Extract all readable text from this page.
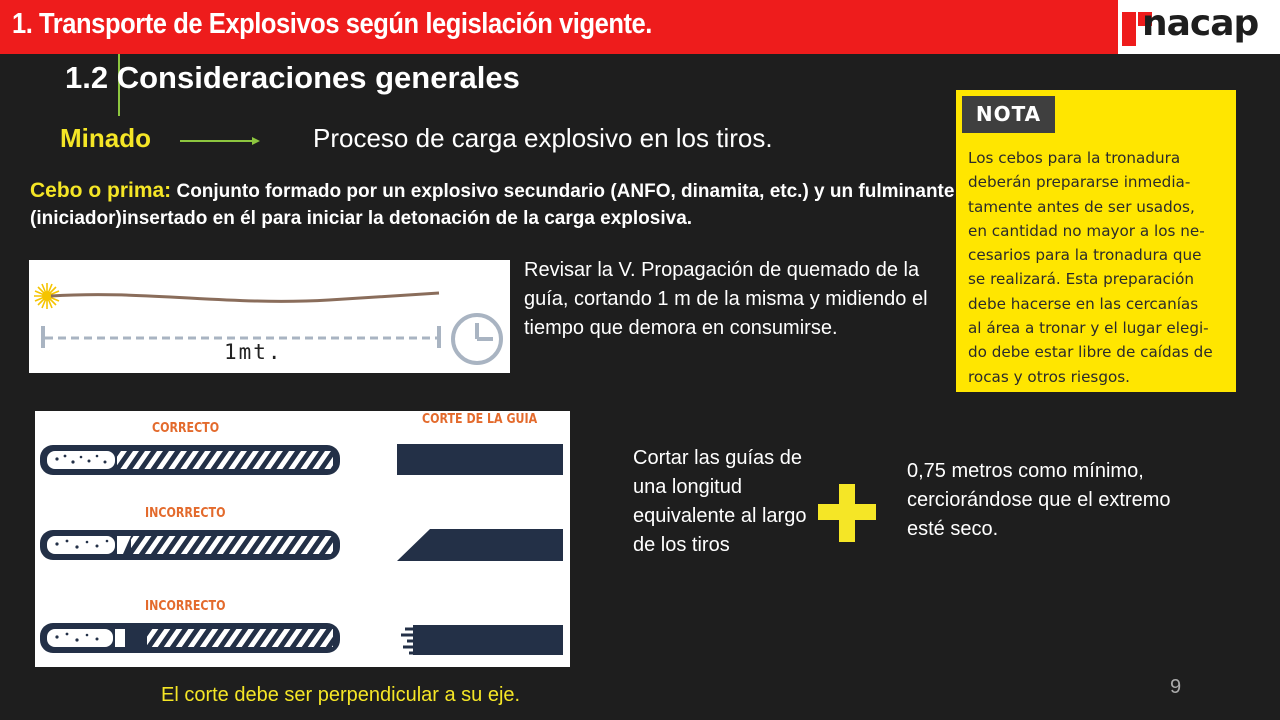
1. Transporte de Explosivos según legislación vigente.	nacap
1.2 Consideraciones generales
Minado	Proceso de carga explosivo en los tiros.
Cebo o prima: Conjunto formado por un explosivo secundario (ANFO, dinamita, etc.) y un fulminante (iniciador)insertado en él para iniciar la detonación de la carga explosiva.
1mt.
Revisar la V. Propagación de quemado de la guía, cortando 1 m de la misma y midiendo el tiempo que demora en consumirse.
NOTA
Los cebos para la tronadura
deberán prepararse inmedia-
tamente antes de ser usados,
en cantidad no mayor a los ne-
cesarios para la tronadura que
se realizará. Esta preparación
debe hacerse en las cercanías
al área a tronar y el lugar elegi-
do debe estar libre de caídas de
rocas y otros riesgos.
CORRECTO
CORTE DE LA GUIA
INCORRECTO
INCORRECTO
El corte debe ser perpendicular a su eje.
Cortar las guías de una longitud equivalente al largo de los tiros
0,75 metros como mínimo, cerciorándose que el extremo esté seco.
9
